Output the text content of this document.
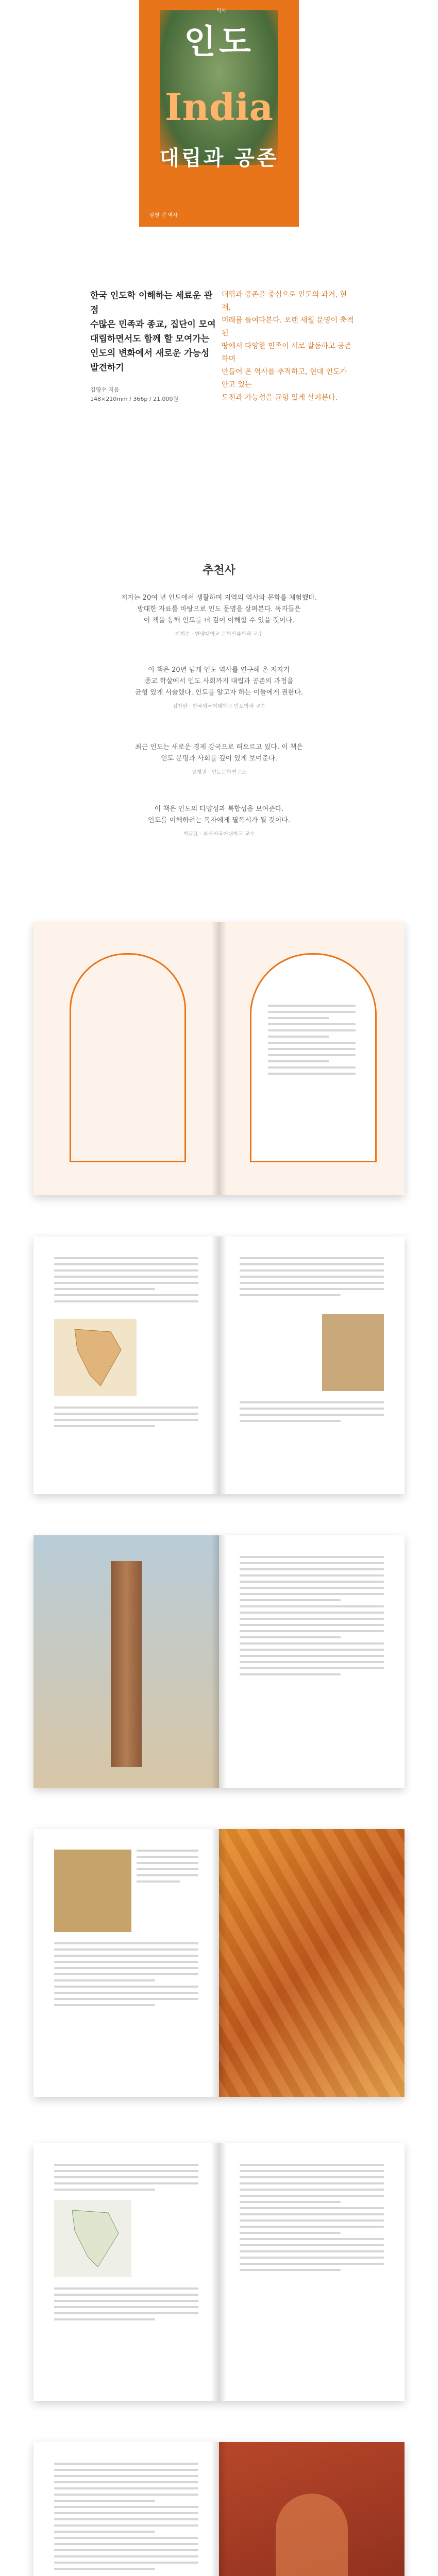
역사
인도
India
대립과 공존
삼천 년 역사
한국 인도학 이해하는 세료운 관점
수많은 민족과 종교, 집단이 모여
대립하면서도 함께 할 모여가는
인도의 변화에서 새로운 가능성 발견하기
김영수 지음
148×210mm / 366p / 21,000원
대립과 공존을 중심으로 인도의 과거, 현재,
미래를 들여다본다. 오랜 세월 문명이 축적된
땅에서 다양한 민족이 서로 갈등하고 공존하며
만들어 온 역사를 추적하고, 현대 인도가 안고 있는
도전과 가능성을 균형 있게 살펴본다.
추천사
저자는 20여 년 인도에서 생활하며 지역의 역사와 문화를 체험했다.
방대한 자료를 바탕으로 인도 문명을 살펴본다. 독자들은
이 책을 통해 인도를 더 깊이 이해할 수 있을 것이다.
이희수 · 한양대학교 문화인류학과 교수
이 책은 20년 넘게 인도 역사를 연구해 온 저자가
종교 학살에서 인도 사회까지 대립과 공존의 과정을
균형 있게 서술했다. 인도를 알고자 하는 이들에게 권한다.
김찬완 · 한국외국어대학교 인도학과 교수
최근 인도는 새로운 경제 강국으로 떠오르고 있다. 이 책은
인도 문명과 사회를 깊이 있게 보여준다.
장재원 · 인도문화연구소
이 책은 인도의 다양성과 복합성을 보여준다.
인도를 이해하려는 독자에게 필독서가 될 것이다.
박금표 · 부산외국어대학교 교수
